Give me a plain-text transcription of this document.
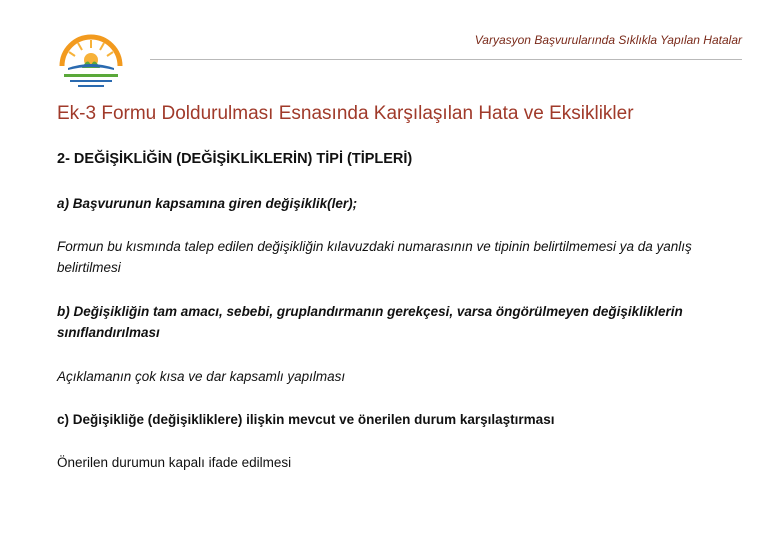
Varyasyon Başvurularında Sıklıkla Yapılan Hatalar
Ek-3 Formu Doldurulması Esnasında Karşılaşılan Hata ve Eksiklikler
2- DEĞİŞİKLİĞİN (DEĞİŞİKLİKLERİN) TİPİ (TİPLERİ)
a) Başvurunun kapsamına giren değişiklik(ler);
Formun bu kısmında talep edilen değişikliğin kılavuzdaki numarasının ve tipinin belirtilmemesi ya da yanlış belirtilmesi
b) Değişikliğin tam amacı, sebebi, gruplandırmanın gerekçesi, varsa öngörülmeyen değişikliklerin sınıflandırılması
Açıklamanın çok kısa ve dar kapsamlı yapılması
c) Değişikliğe (değişikliklere) ilişkin mevcut ve önerilen durum karşılaştırması
Önerilen durumun kapalı ifade edilmesi
